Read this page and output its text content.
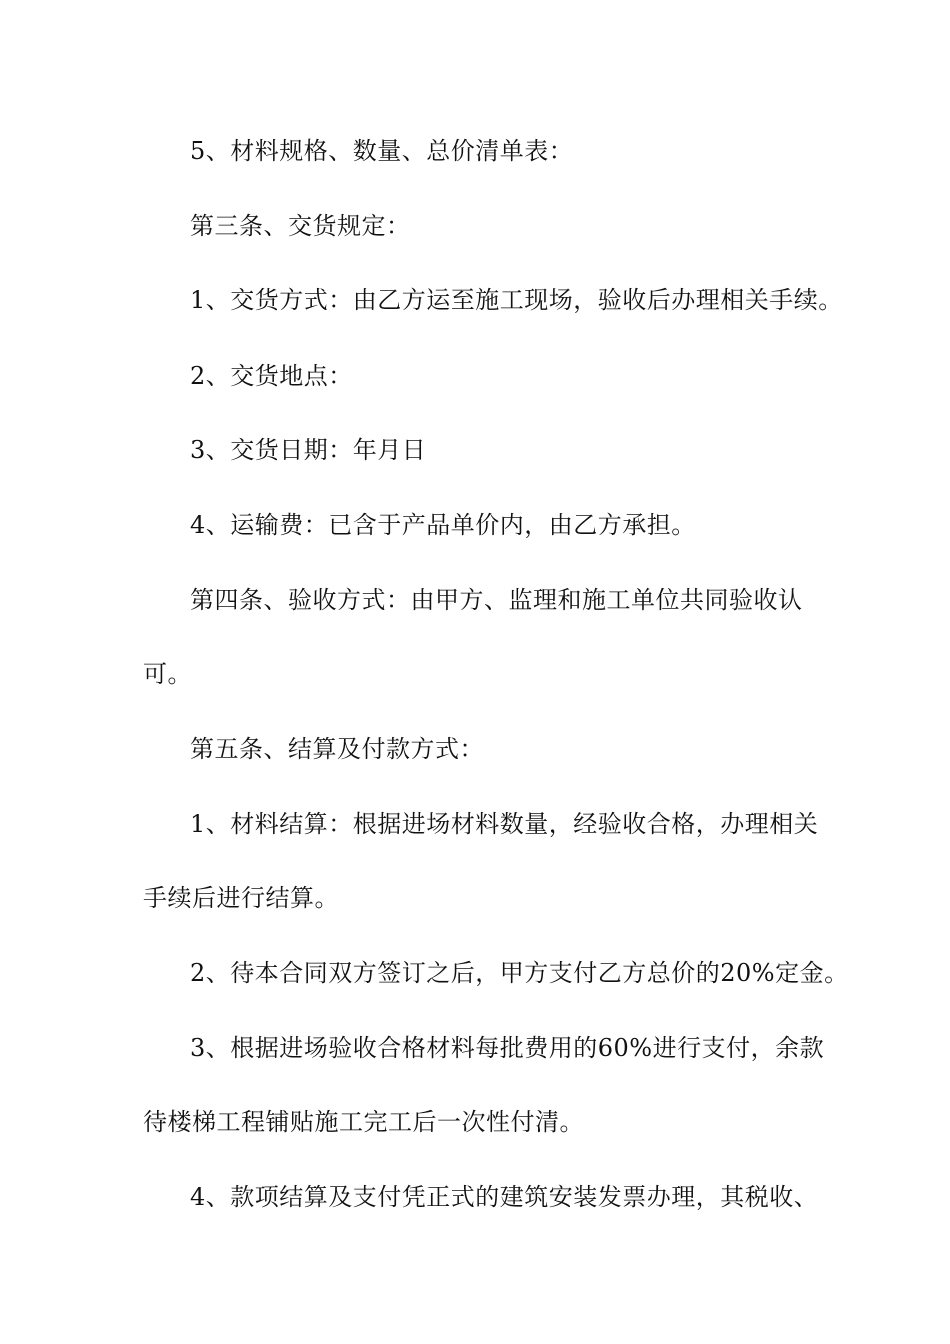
5、材料规格、数量、总价清单表：
第三条、交货规定：
1、交货方式：由乙方运至施工现场，验收后办理相关手续。
2、交货地点：
3、交货日期：年月日
4、运输费：已含于产品单价内，由乙方承担。
第四条、验收方式：由甲方、监理和施工单位共同验收认
可。
第五条、结算及付款方式：
1、材料结算：根据进场材料数量，经验收合格，办理相关
手续后进行结算。
2、待本合同双方签订之后，甲方支付乙方总价的20%定金。
3、根据进场验收合格材料每批费用的60%进行支付，余款
待楼梯工程铺贴施工完工后一次性付清。
4、款项结算及支付凭正式的建筑安装发票办理，其税收、
